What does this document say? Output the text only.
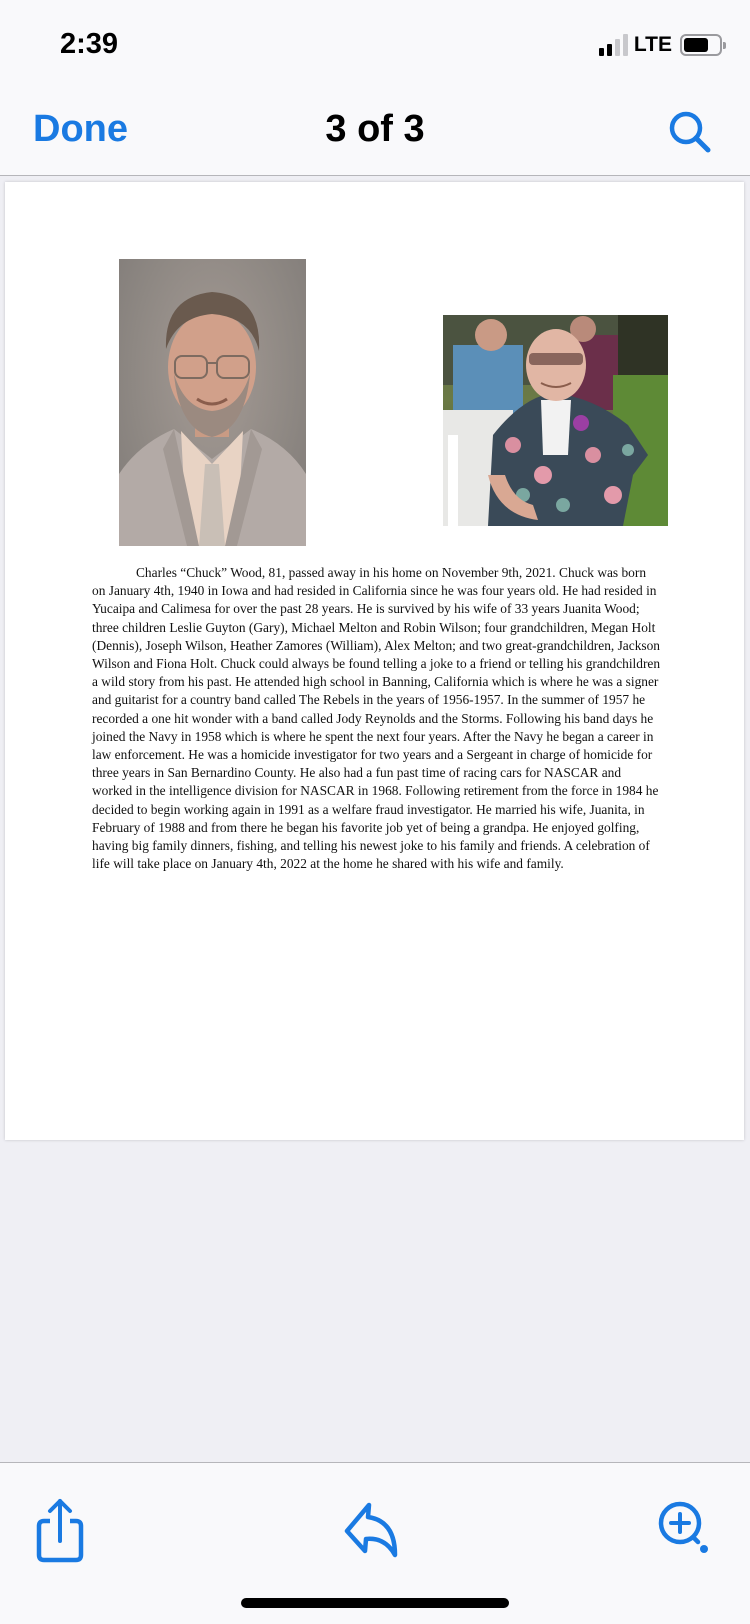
2:39	LTE
Done	3 of 3
Charles “Chuck” Wood, 81, passed away in his home on November 9th, 2021. Chuck was born on January 4th, 1940 in Iowa and had resided in California since he was four years old. He had resided in Yucaipa and Calimesa for over the past 28 years. He is survived by his wife of 33 years Juanita Wood; three children Leslie Guyton (Gary), Michael Melton and Robin Wilson; four grandchildren, Megan Holt (Dennis), Joseph Wilson, Heather Zamores (William), Alex Melton; and two great-grandchildren, Jackson Wilson and Fiona Holt. Chuck could always be found telling a joke to a friend or telling his grandchildren a wild story from his past. He attended high school in Banning, California which is where he was a signer and guitarist for a country band called The Rebels in the years of 1956-1957. In the summer of 1957 he recorded a one hit wonder with a band called Jody Reynolds and the Storms. Following his band days he joined the Navy in 1958 which is where he spent the next four years. After the Navy he began a career in law enforcement. He was a homicide investigator for two years and a Sergeant in charge of homicide for three years in San Bernardino County. He also had a fun past time of racing cars for NASCAR and worked in the intelligence division for NASCAR in 1968. Following retirement from the force in 1984 he decided to begin working again in 1991 as a welfare fraud investigator. He married his wife, Juanita, in February of 1988 and from there he began his favorite job yet of being a grandpa. He enjoyed golfing, having big family dinners, fishing, and telling his newest joke to his family and friends. A celebration of life will take place on January 4th, 2022 at the home he shared with his wife and family.
